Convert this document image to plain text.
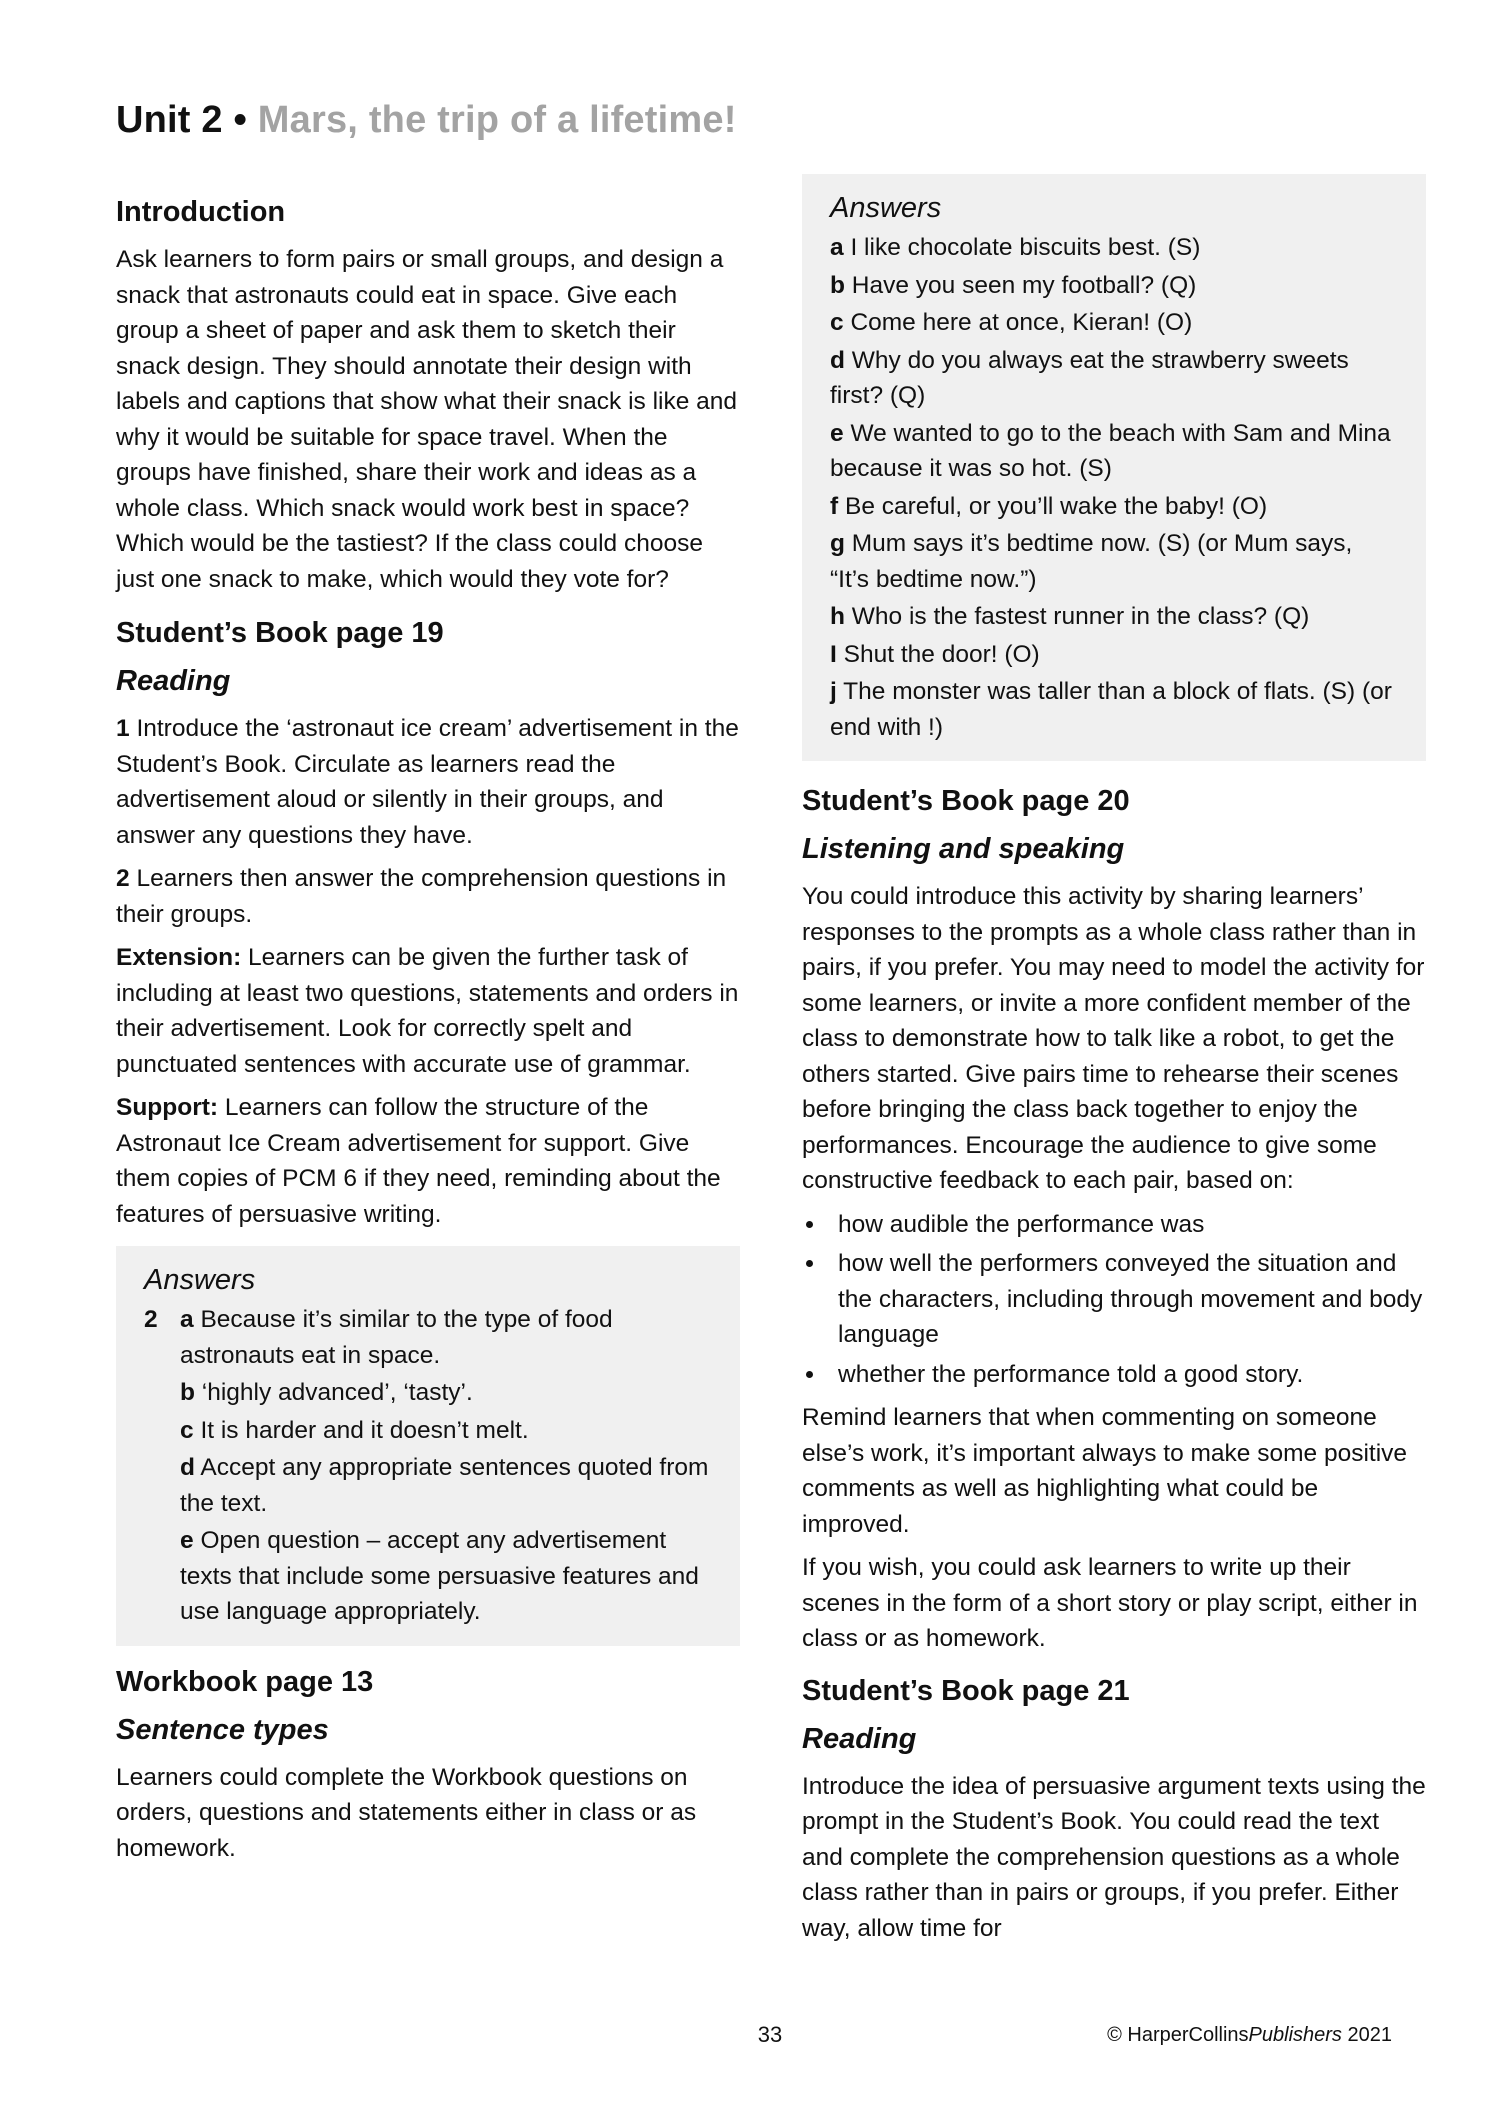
Unit 2 • Mars, the trip of a lifetime!
Introduction

Ask learners to form pairs or small groups, and design a snack that astronauts could eat in space. Give each group a sheet of paper and ask them to sketch their snack design. They should annotate their design with labels and captions that show what their snack is like and why it would be suitable for space travel. When the groups have finished, share their work and ideas as a whole class. Which snack would work best in space? Which would be the tastiest? If the class could choose just one snack to make, which would they vote for?

Student’s Book page 19
Reading

1 Introduce the ‘astronaut ice cream’ advertisement in the Student’s Book. Circulate as learners read the advertisement aloud or silently in their groups, and answer any questions they have.

2 Learners then answer the comprehension questions in their groups.

Extension: Learners can be given the further task of including at least two questions, statements and orders in their advertisement. Look for correctly spelt and punctuated sentences with accurate use of grammar.

Support: Learners can follow the structure of the Astronaut Ice Cream advertisement for support. Give them copies of PCM 6 if they need, reminding about the features of persuasive writing.

Answers

2 a Because it’s similar to the type of food astronauts eat in space.

b ‘highly advanced’, ‘tasty’.

c It is harder and it doesn’t melt.

d Accept any appropriate sentences quoted from the text.

e Open question – accept any advertisement texts that include some persuasive features and use language appropriately.

Workbook page 13
Sentence types

Learners could complete the Workbook questions on orders, questions and statements either in class or as homework.

Answers

a I like chocolate biscuits best. (S)

b Have you seen my football? (Q)

c Come here at once, Kieran! (O)

d Why do you always eat the strawberry sweets first? (Q)

e We wanted to go to the beach with Sam and Mina because it was so hot. (S)

f Be careful, or you’ll wake the baby! (O)

g Mum says it’s bedtime now. (S) (or Mum says, “It’s bedtime now.”)

h Who is the fastest runner in the class? (Q)

I Shut the door! (O)

j The monster was taller than a block of flats. (S) (or end with !)

Student’s Book page 20
Listening and speaking

You could introduce this activity by sharing learners’ responses to the prompts as a whole class rather than in pairs, if you prefer. You may need to model the activity for some learners, or invite a more confident member of the class to demonstrate how to talk like a robot, to get the others started. Give pairs time to rehearse their scenes before bringing the class back together to enjoy the performances. Encourage the audience to give some constructive feedback to each pair, based on:

how audible the performance was
how well the performers conveyed the situation and the characters, including through movement and body language
whether the performance told a good story.

Remind learners that when commenting on someone else’s work, it’s important always to make some positive comments as well as highlighting what could be improved.

If you wish, you could ask learners to write up their scenes in the form of a short story or play script, either in class or as homework.

Student’s Book page 21
Reading

Introduce the idea of persuasive argument texts using the prompt in the Student’s Book. You could read the text and complete the comprehension questions as a whole class rather than in pairs or groups, if you prefer. Either way, allow time for

33	© HarperCollinsPublishers 2021
